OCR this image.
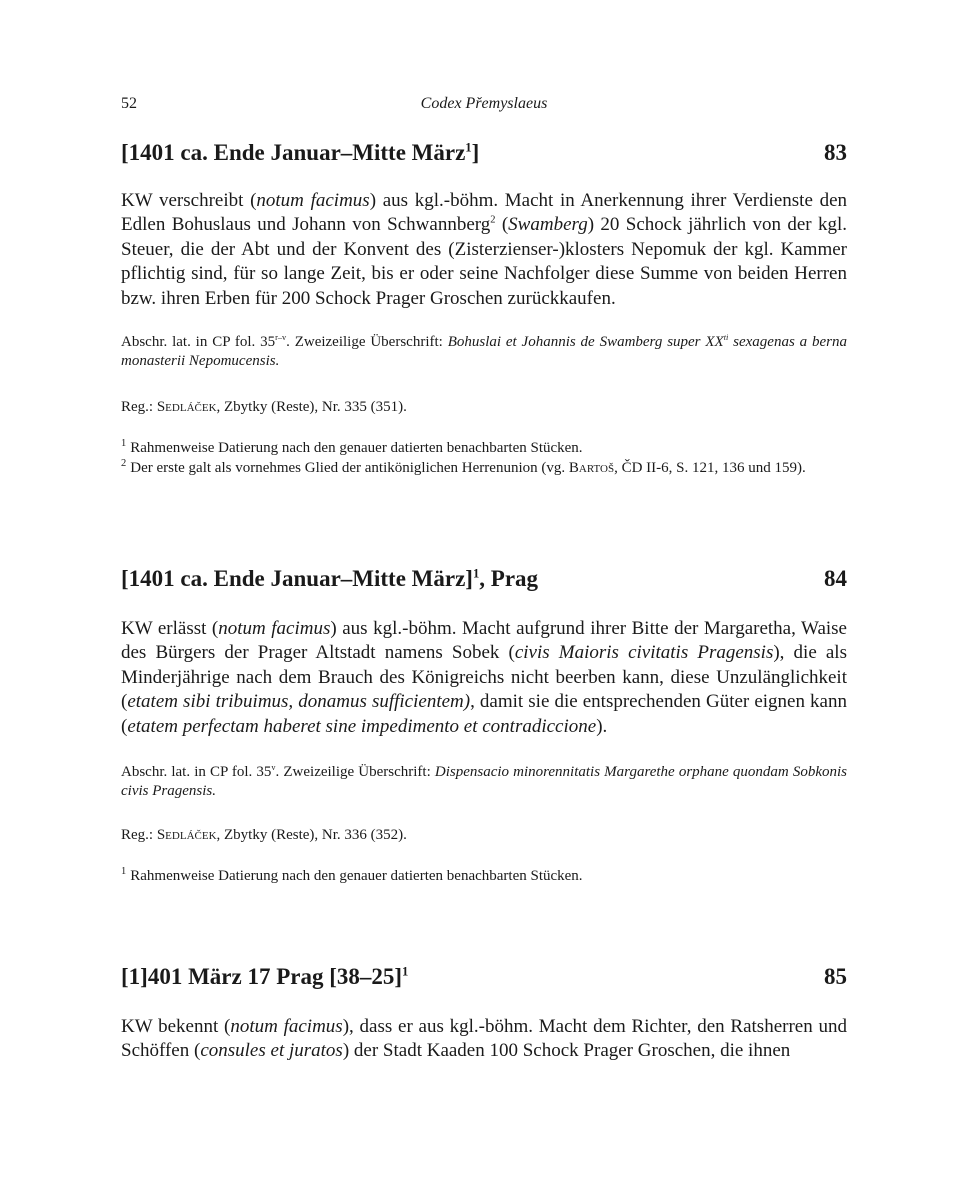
52	Codex Přemyslaeus
[1401 ca. Ende Januar–Mitte März$^1$]	83

KW verschreibt (notum facimus) aus kgl.-böhm. Macht in Anerkennung ihrer Verdienste den Edlen Bohuslaus und Johann von Schwannberg$^2$ (Swamberg) 20 Schock jährlich von der kgl. Steuer, die der Abt und der Konvent des (Zisterzienser-)klosters Nepomuk der kgl. Kammer pflichtig sind, für so lange Zeit, bis er oder seine Nachfolger diese Summe von beiden Herren bzw. ihren Erben für 200 Schock Prager Groschen zurückkaufen.

Abschr. lat. in CP fol. 35$^{r-v}$. Zweizeilige Überschrift: Bohuslai et Johannis de Swamberg super $XX^{ti}$ sexagenas a berna monasterii Nepomucensis.

Reg.: Sedláček, Zbytky (Reste), Nr. 335 (351).

$^1$ Rahmenweise Datierung nach den genauer datierten benachbarten Stücken.

$^2$ Der erste galt als vornehmes Glied der antiköniglichen Herrenunion (vg. Bartoš, ČD II-6, S. 121, 136 und 159).

[1401 ca. Ende Januar–Mitte März]$^1$, Prag	84

KW erlässt (notum facimus) aus kgl.-böhm. Macht aufgrund ihrer Bitte der Margaretha, Waise des Bürgers der Prager Altstadt namens Sobek (civis Maioris civitatis Pragensis), die als Minderjährige nach dem Brauch des Königreichs nicht beerben kann, diese Unzulänglichkeit (etatem sibi tribuimus, donamus sufficientem), damit sie die entsprechenden Güter eignen kann (etatem perfectam haberet sine impedimento et contradiccione).

Abschr. lat. in CP fol. 35$^v$. Zweizeilige Überschrift: Dispensacio minorennitatis Margarethe orphane quondam Sobkonis civis Pragensis.

Reg.: Sedláček, Zbytky (Reste), Nr. 336 (352).

$^1$ Rahmenweise Datierung nach den genauer datierten benachbarten Stücken.

[1]401 März 17 Prag $[38-25]^1$	85

KW bekennt (notum facimus), dass er aus kgl.-böhm. Macht dem Richter, den Ratsherren und Schöffen (consules et juratos) der Stadt Kaaden 100 Schock Prager Groschen, die ihnen
